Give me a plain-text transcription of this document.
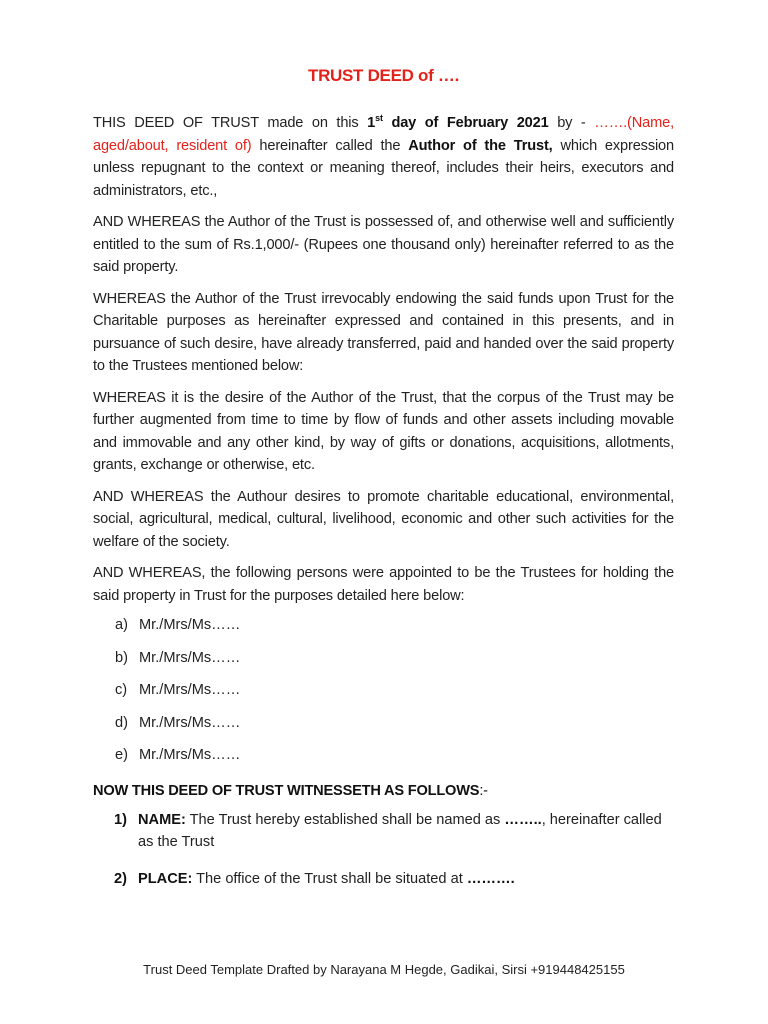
TRUST DEED of ….

THIS DEED OF TRUST made on this 1st day of February 2021 by - …….(Name, aged/about, resident of) hereinafter called the Author of the Trust, which expression unless repugnant to the context or meaning thereof, includes their heirs, executors and administrators, etc.,

AND WHEREAS the Author of the Trust is possessed of, and otherwise well and sufficiently entitled to the sum of Rs.1,000/- (Rupees one thousand only) hereinafter referred to as the said property.

WHEREAS the Author of the Trust irrevocably endowing the said funds upon Trust for the Charitable purposes as hereinafter expressed and contained in this presents, and in pursuance of such desire, have already transferred, paid and handed over the said property to the Trustees mentioned below:

WHEREAS it is the desire of the Author of the Trust, that the corpus of the Trust may be further augmented from time to time by flow of funds and other assets including movable and immovable and any other kind, by way of gifts or donations, acquisitions, allotments, grants, exchange or otherwise, etc.

AND WHEREAS the Authour desires to promote charitable educational, environmental, social, agricultural, medical, cultural, livelihood, economic and other such activities for the welfare of the society.

AND WHEREAS, the following persons were appointed to be the Trustees for holding the said property in Trust for the purposes detailed here below:

a) Mr./Mrs/Ms……
b) Mr./Mrs/Ms……
c) Mr./Mrs/Ms……
d) Mr./Mrs/Ms……
e) Mr./Mrs/Ms……
NOW THIS DEED OF TRUST WITNESSETH AS FOLLOWS:-
1) NAME: The Trust hereby established shall be named as …….., hereinafter called as the Trust
2) PLACE: The office of the Trust shall be situated at ……….
Trust Deed Template Drafted by Narayana M Hegde, Gadikai, Sirsi +919448425155
